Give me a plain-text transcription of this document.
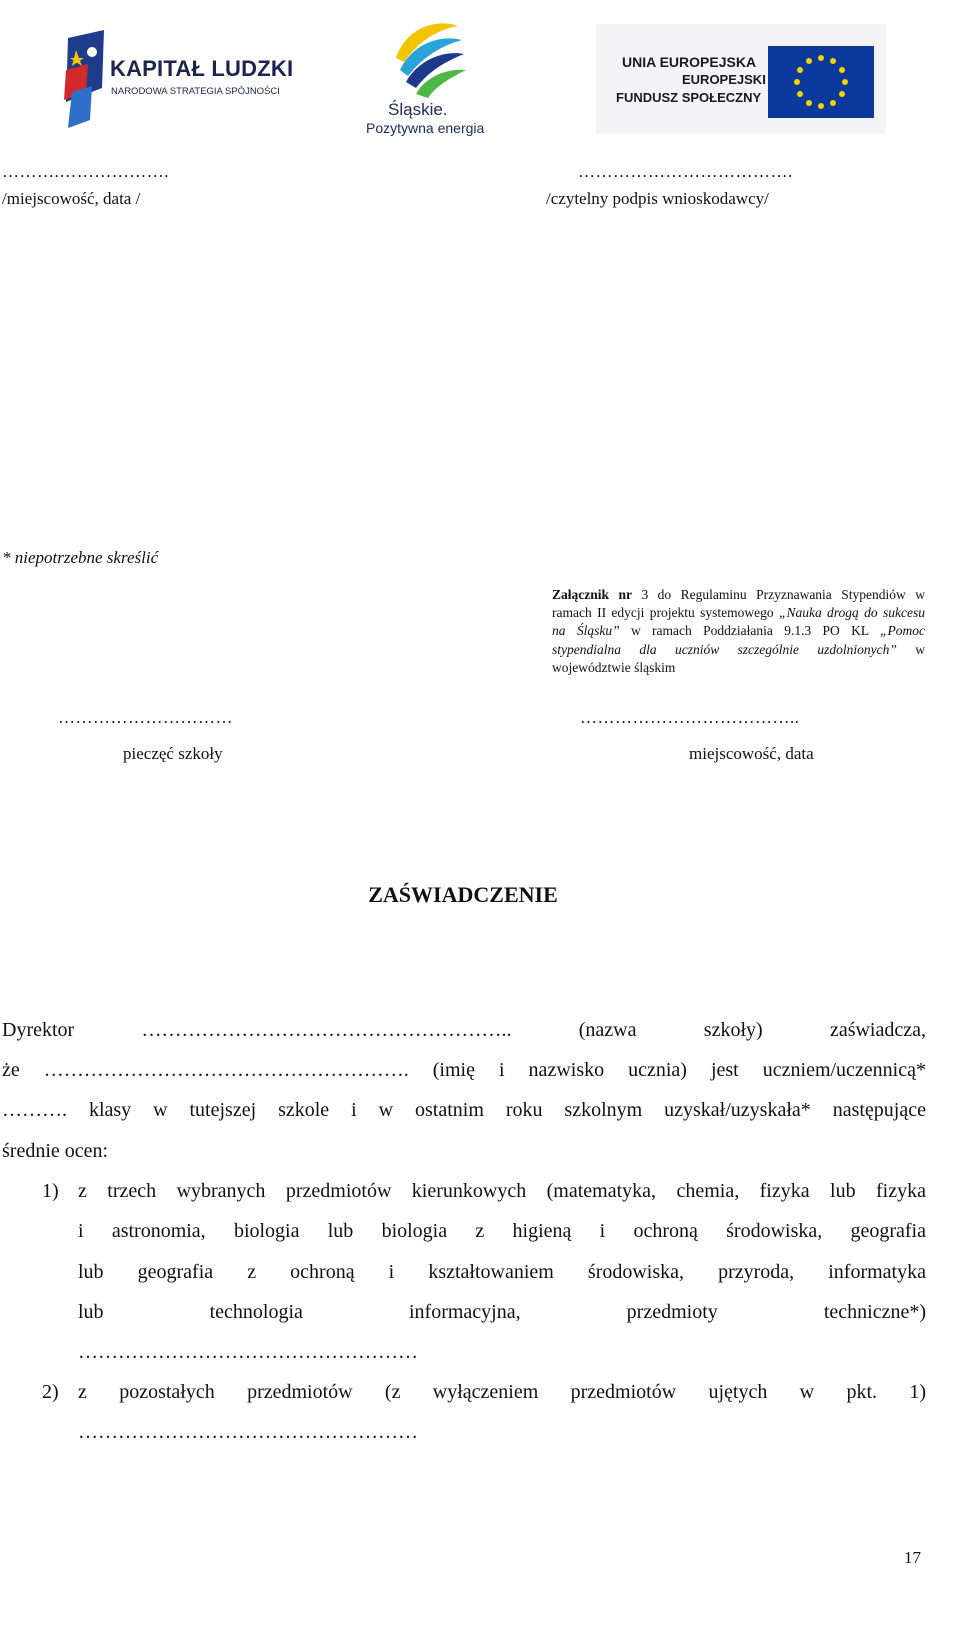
KAPITAŁ LUDZKI
NARODOWA STRATEGIA SPÓJNOŚCI
Śląskie.
Pozytywna energia
UNIA EUROPEJSKA
EUROPEJSKI
FUNDUSZ SPOŁECZNY
……….……………….	……………………………….
/miejscowość, data /	/czytelny podpis wnioskodawcy/
* niepotrzebne skreślić
Załącznik nr 3 do Regulaminu Przyznawania Stypendiów w ramach II edycji projektu systemowego „Nauka drogą do sukcesu na Śląsku” w ramach Poddziałania 9.1.3 PO KL „Pomoc stypendialna dla uczniów szczególnie uzdolnionych” w województwie śląskim
…………………………	………………………………..
pieczęć szkoły	miejscowość, data
ZAŚWIADCZENIE
Dyrektor ……………………………………………….. (nazwa szkoły) zaświadcza,
że ………………………………………………. (imię i nazwisko ucznia) jest uczniem/uczennicą*
………. klasy w tutejszej szkole i w ostatnim roku szkolnym uzyskał/uzyskała* następujące
średnie ocen:
1) z trzech wybranych przedmiotów kierunkowych (matematyka, chemia, fizyka lub fizyka
i astronomia, biologia lub biologia z higieną i ochroną środowiska, geografia
lub geografia z ochroną i kształtowaniem środowiska, przyroda, informatyka
lub technologia informacyjna, przedmioty techniczne*)
……………………………………………
2) z pozostałych przedmiotów (z wyłączeniem przedmiotów ujętych w pkt. 1)
……………………………………………
17
